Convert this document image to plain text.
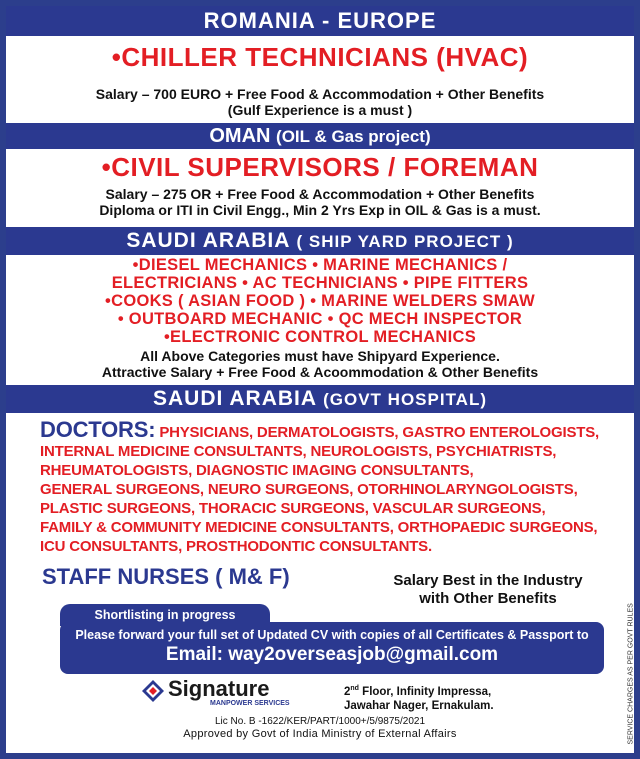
ROMANIA - EUROPE
•CHILLER TECHNICIANS (HVAC)
Salary – 700 EURO + Free Food & Accommodation + Other Benefits
(Gulf Experience is a must )
OMAN (OIL & Gas project)
•CIVIL SUPERVISORS / FOREMAN
Salary – 275 OR + Free Food & Accommodation + Other Benefits
Diploma or ITI in Civil Engg., Min 2 Yrs Exp in OIL & Gas is a must.
SAUDI ARABIA ( SHIP YARD PROJECT )
•DIESEL MECHANICS • MARINE MECHANICS /
ELECTRICIANS • AC TECHNICIANS • PIPE FITTERS
•COOKS ( ASIAN FOOD ) • MARINE WELDERS SMAW
• OUTBOARD MECHANIC • QC MECH INSPECTOR
•ELECTRONIC CONTROL MECHANICS
All Above Categories must have Shipyard Experience.
Attractive Salary + Free Food & Acoommodation & Other Benefits
SAUDI ARABIA (GOVT HOSPITAL)
DOCTORS: PHYSICIANS, DERMATOLOGISTS, GASTRO ENTEROLOGISTS,
INTERNAL MEDICINE CONSULTANTS, NEUROLOGISTS, PSYCHIATRISTS,
RHEUMATOLOGISTS, DIAGNOSTIC IMAGING CONSULTANTS,
GENERAL SURGEONS, NEURO SURGEONS, OTORHINOLARYNGOLOGISTS,
PLASTIC SURGEONS, THORACIC SURGEONS, VASCULAR SURGEONS,
FAMILY & COMMUNITY MEDICINE CONSULTANTS, ORTHOPAEDIC SURGEONS,
ICU CONSULTANTS, PROSTHODONTIC CONSULTANTS.
STAFF NURSES ( M& F)	Salary Best in the Industry
with Other Benefits
Shortlisting in progress
Please forward your full set of Updated CV with copies of all Certificates & Passport to
Email: way2overseasjob@gmail.com
Signature
MANPOWER SERVICES
2nd Floor, Infinity Impressa,
Jawahar Nager, Ernakulam.
Lic No. B -1622/KER/PART/1000+/5/9875/2021
Approved by Govt of India Ministry of External Affairs	SERVICE CHARGES AS PER GOVT RULES
